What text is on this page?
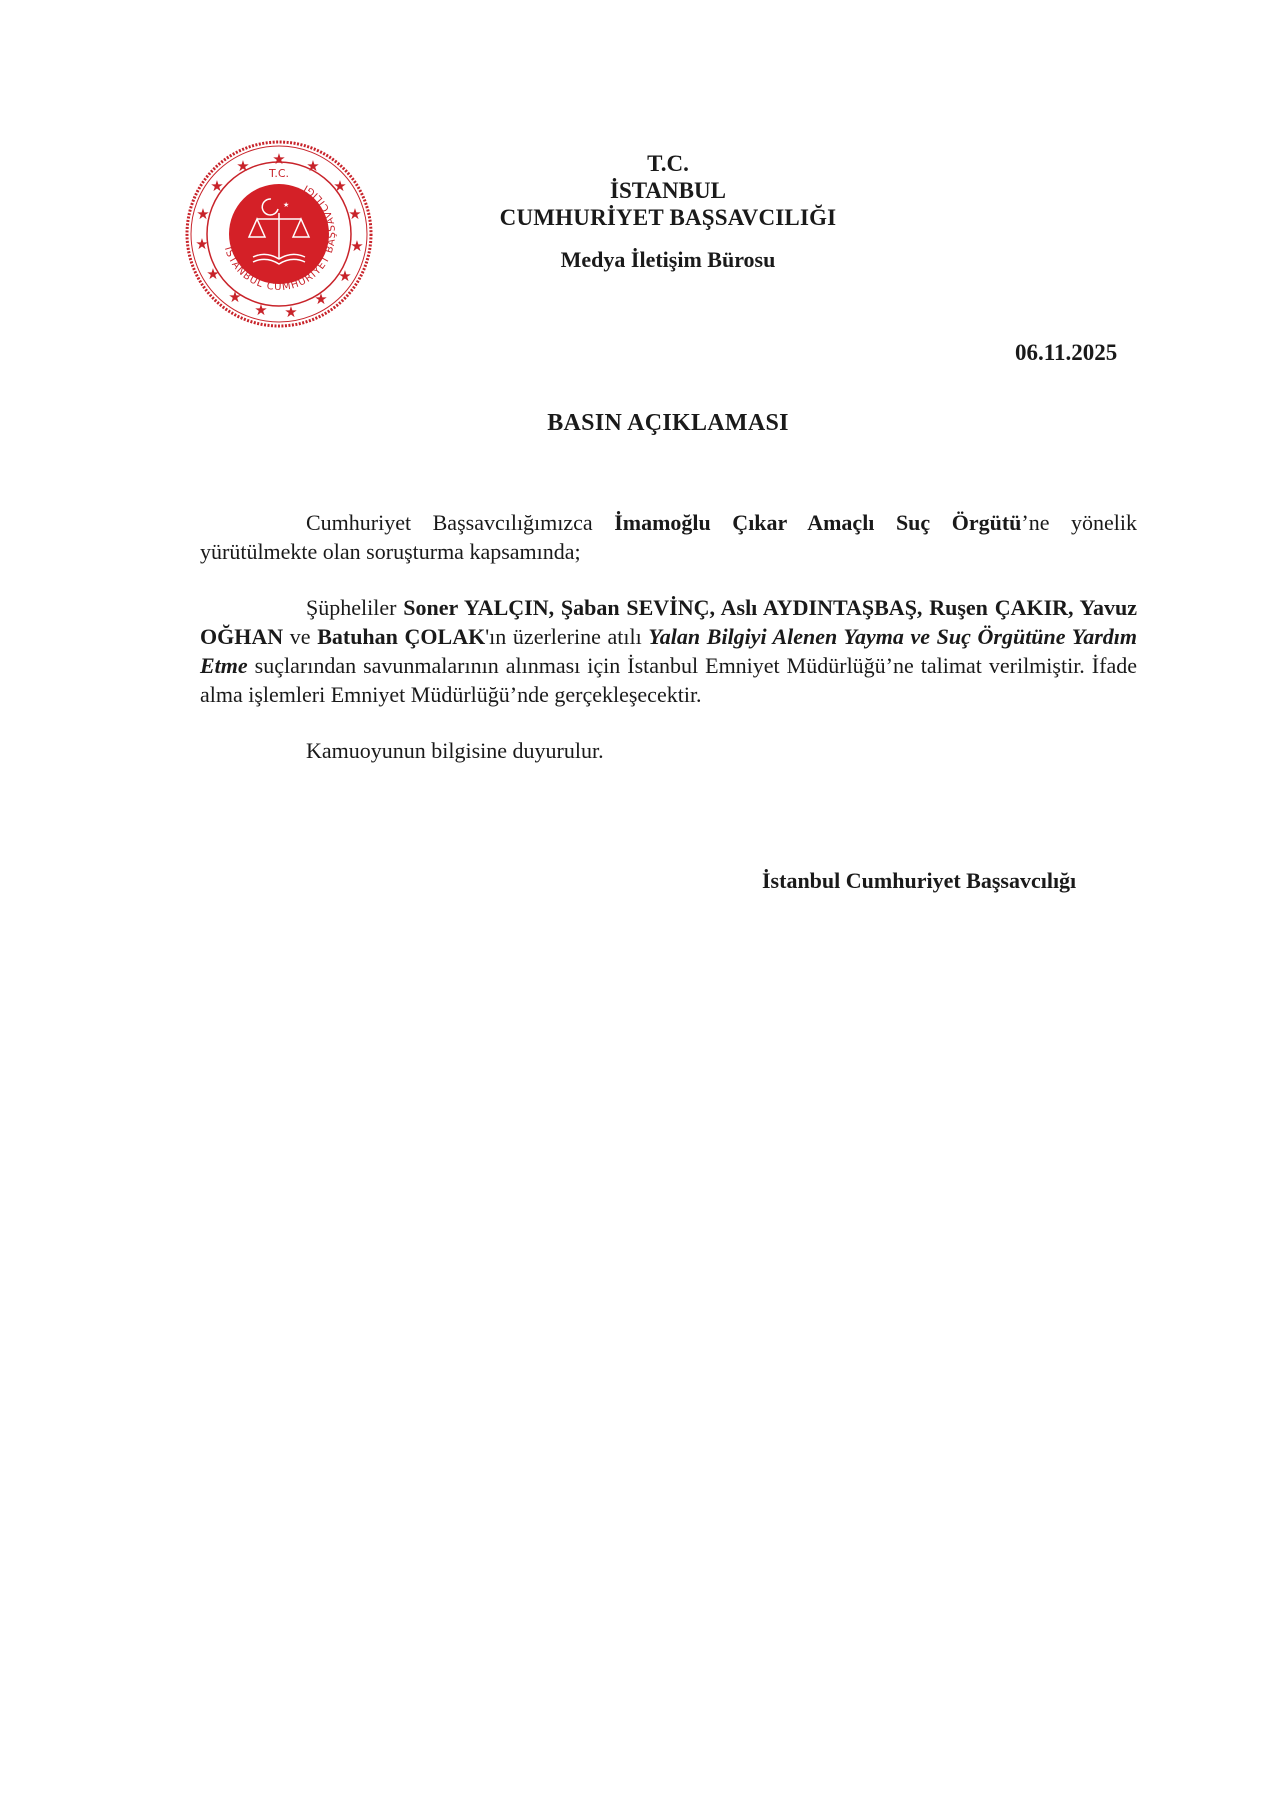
★ ★
★
★
★
★
★
★
★
★
★
★
★
★
★ T.C.
İSTANBUL CUMHURİYET BAŞSAVCILIĞI
★
T.C.
İSTANBUL
CUMHURİYET BAŞSAVCILIĞI
Medya İletişim Bürosu
06.11.2025
BASIN AÇIKLAMASI

Cumhuriyet Başsavcılığımızca İmamoğlu Çıkar Amaçlı Suç Örgütü’ne yönelik yürütülmekte olan soruşturma kapsamında;

Şüpheliler Soner YALÇIN, Şaban SEVİNÇ, Aslı AYDINTAŞBAŞ, Ruşen ÇAKIR, Yavuz OĞHAN ve Batuhan ÇOLAK'ın üzerlerine atılı Yalan Bilgiyi Alenen Yayma ve Suç Örgütüne Yardım Etme suçlarından savunmalarının alınması için İstanbul Emniyet Müdürlüğü’ne talimat verilmiştir. İfade alma işlemleri Emniyet Müdürlüğü’nde gerçekleşecektir.

Kamuoyunun bilgisine duyurulur.

İstanbul Cumhuriyet Başsavcılığı
